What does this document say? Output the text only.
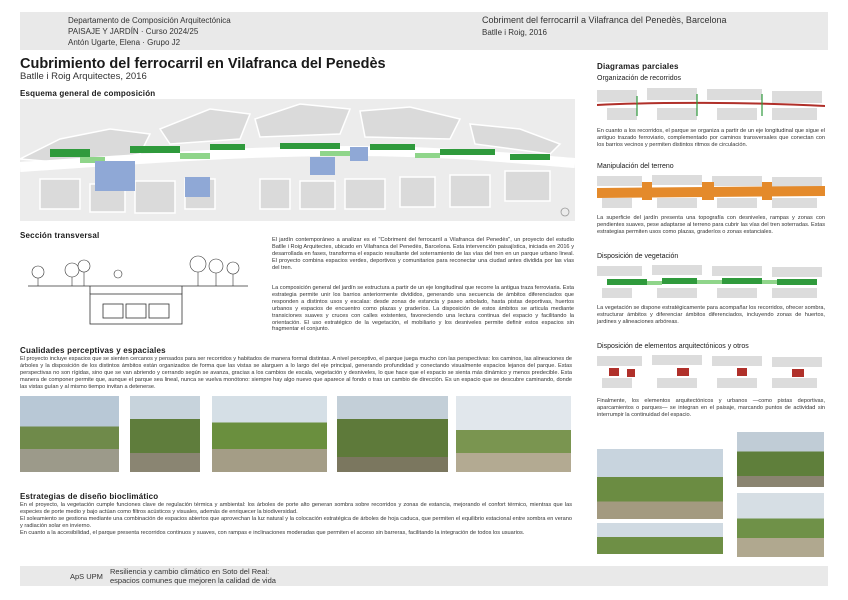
Departamento de Composición Arquitectónica
PAISAJE Y JARDÍN · Curso 2024/25
Antón Ugarte, Elena · Grupo J2
Cobriment del ferrocarril a Vilafranca del Penedès, Barcelona
Batlle i Roig, 2016
Cubrimiento del ferrocarril en Vilafranca del Penedès
Batlle i Roig Arquitectes, 2016
Esquema general de composición
Sección transversal	El jardín contemporáneo a analizar es el "Cobriment del ferrocarril a Vilafranca del Penedès", un proyecto del estudio Batlle i Roig Arquitectes, ubicado en Vilafranca del Penedès, Barcelona. Esta intervención paisajística, iniciada en 2016 y desarrollada en fases, transforma el espacio resultante del soterramiento de las vías del tren en un parque urbano lineal. El proyecto combina espacios verdes, deportivos y comunitarios para reconectar una ciudad antes dividida por las vías del tren.
La composición general del jardín se estructura a partir de un eje longitudinal que recorre la antigua traza ferroviaria. Esta estrategia permite unir los barrios anteriormente divididos, generando una secuencia de ámbitos diferenciados que responden a distintos usos y escalas: desde zonas de estancia y paseo arbolado, hasta pistas deportivas, huertos urbanos y espacios de encuentro como plazas y graderíos. La disposición de estos ámbitos se articula mediante transiciones suaves y cruces con calles existentes, favoreciendo una lectura continua del espacio y facilitando la orientación. El uso estratégico de la vegetación, el mobiliario y los desniveles permite definir estos espacios sin fragmentar el conjunto.
Cualidades perceptivas y espaciales
El proyecto incluye espacios que se sienten cercanos y pensados para ser recorridos y habitados de manera formal distintas. A nivel perceptivo, el parque juega mucho con las perspectivas: los caminos, las alineaciones de árboles y la disposición de los distintos ámbitos están organizados de forma que las vistas se alarguen a lo largo del eje principal, generando profundidad y conectando visualmente espacios lejanos del parque. Estas perspectivas no son rígidas, sino que se van abriendo y cerrando según se avanza, gracias a los cambios de escala, vegetación y desniveles, lo que hace que el espacio se sienta más dinámico y menos predecible. Esta manera de componer permite que, aunque el parque sea lineal, nunca se vuelva monótono: siempre hay algo nuevo que aparece al fondo o tras un cambio de dirección. Es un espacio que se descubre caminando, donde las vistas guían y al mismo tiempo invitan a detenerse.
Estrategias de diseño bioclimático
En el proyecto, la vegetación cumple funciones clave de regulación térmica y ambiental: los árboles de porte alto generan sombra sobre recorridos y zonas de estancia, mejorando el confort térmico, mientras que las especies de porte medio y bajo actúan como filtros acústicos y visuales, además de enriquecer la biodiversidad.
El soleamiento se gestiona mediante una combinación de espacios abiertos que aprovechan la luz natural y la colocación estratégica de árboles de hoja caduca, que permiten el equilibrio estacional entre sombra en verano y radiación solar en invierno.
En cuanto a la accesibilidad, el parque presenta recorridos continuos y suaves, con rampas e inclinaciones moderadas que permiten el acceso sin barreras, facilitando la integración de todos los usuarios.
Diagramas parciales
Organización de recorridos
En cuanto a los recorridos, el parque se organiza a partir de un eje longitudinal que sigue el antiguo trazado ferroviario, complementado por caminos transversales que conectan con los barrios vecinos y permiten distintos ritmos de circulación.
Manipulación del terreno
La superficie del jardín presenta una topografía con desniveles, rampas y zonas con pendientes suaves, pese adaptarse al terreno para cubrir las vías del tren soterradas. Estas estrategias permiten usos como plazas, graderíos o zonas estanciales.
Disposición de vegetación
La vegetación se dispone estratégicamente para acompañar los recorridos, ofrecer sombra, estructurar ámbitos y diferenciar ámbitos diferenciados, incluyendo zonas de huertos, jardines y alineaciones arbóreas.
Disposición de elementos arquitectónicos y otros
Finalmente, los elementos arquitectónicos y urbanos —como pistas deportivas, aparcamientos o parques— se integran en el paisaje, marcando puntos de actividad sin interrumpir la continuidad del espacio.
ApS UPM
Resiliencia y cambio climático en Soto del Real:
espacios comunes que mejoren la calidad de vida
